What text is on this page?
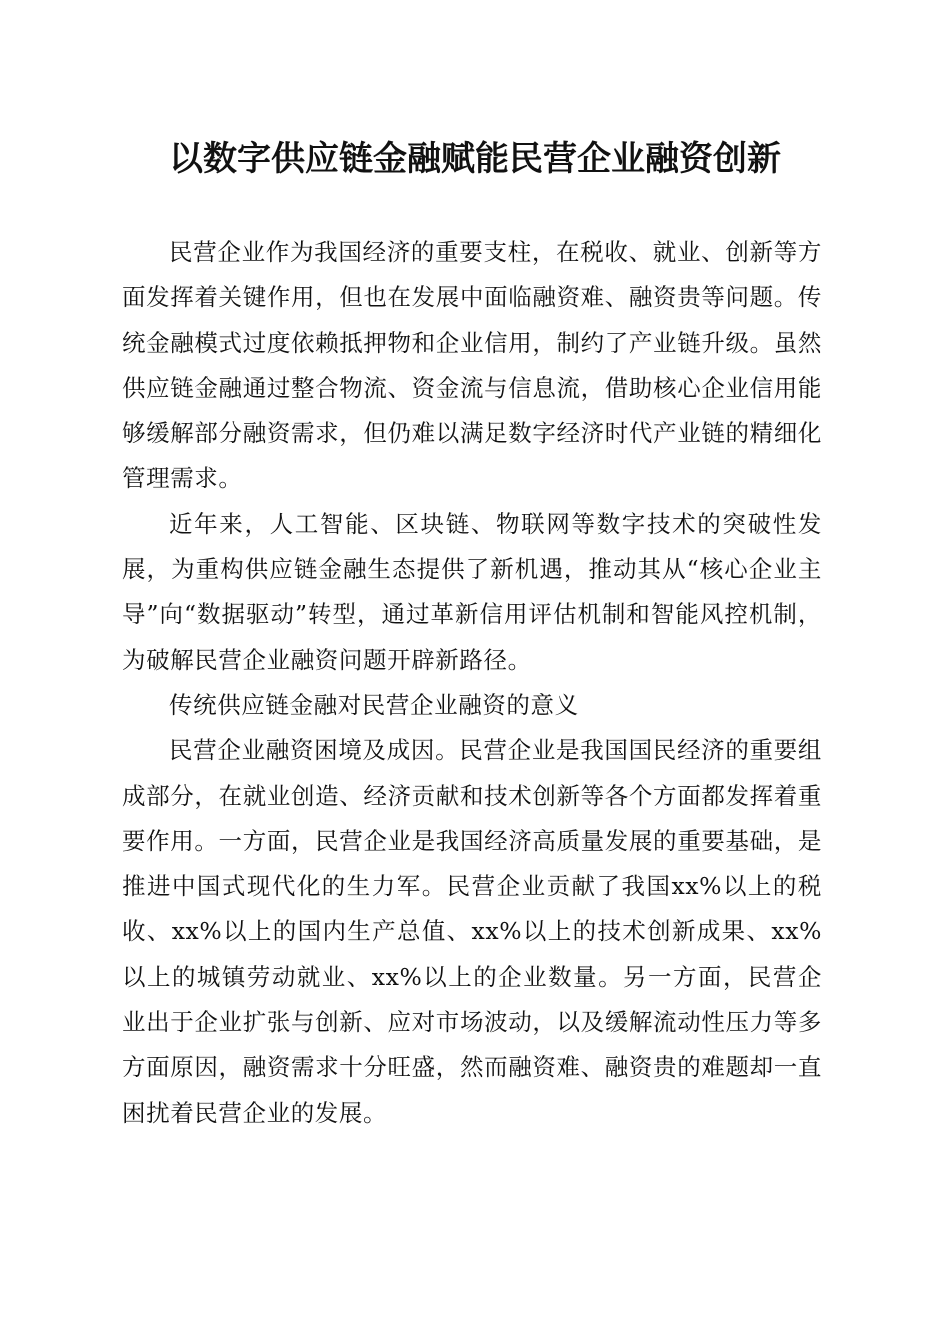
以数字供应链金融赋能民营企业融资创新

民营企业作为我国经济的重要支柱，在税收、就业、创新等方面发挥着关键作用，但也在发展中面临融资难、融资贵等问题。传统金融模式过度依赖抵押物和企业信用，制约了产业链升级。虽然供应链金融通过整合物流、资金流与信息流，借助核心企业信用能够缓解部分融资需求，但仍难以满足数字经济时代产业链的精细化管理需求。

近年来，人工智能、区块链、物联网等数字技术的突破性发展，为重构供应链金融生态提供了新机遇，推动其从“核心企业主导”向“数据驱动”转型，通过革新信用评估机制和智能风控机制，为破解民营企业融资问题开辟新路径。

传统供应链金融对民营企业融资的意义

民营企业融资困境及成因。民营企业是我国国民经济的重要组成部分，在就业创造、经济贡献和技术创新等各个方面都发挥着重要作用。一方面，民营企业是我国经济高质量发展的重要基础，是推进中国式现代化的生力军。民营企业贡献了我国xx%以上的税收、xx%以上的国内生产总值、xx%以上的技术创新成果、xx%以上的城镇劳动就业、xx%以上的企业数量。另一方面，民营企业出于企业扩张与创新、应对市场波动，以及缓解流动性压力等多方面原因，融资需求十分旺盛，然而融资难、融资贵的难题却一直困扰着民营企业的发展。
